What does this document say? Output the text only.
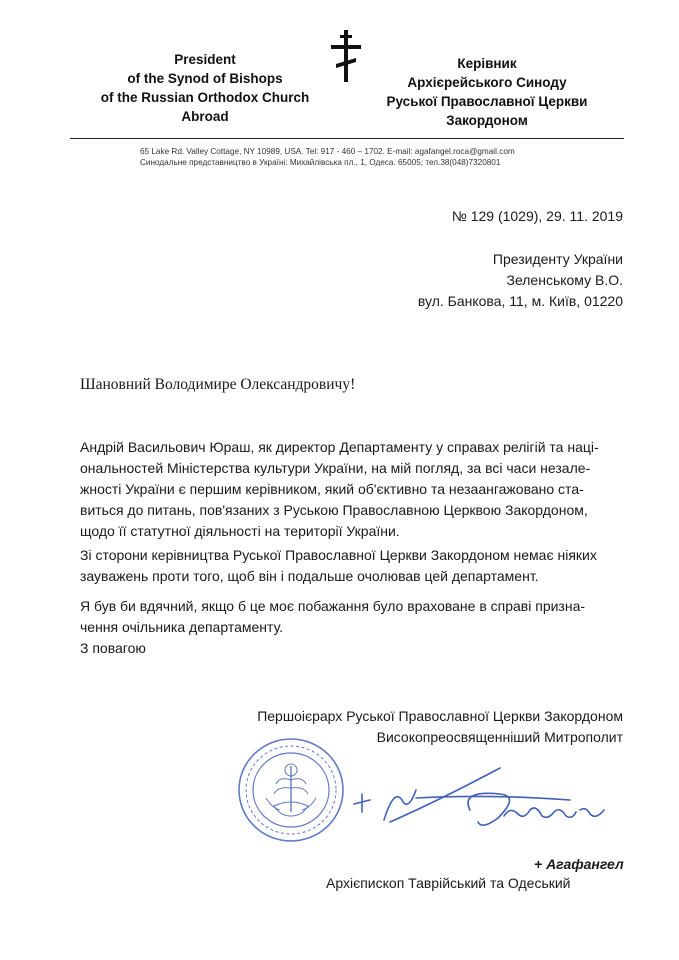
President
of the Synod of Bishops
of the Russian Orthodox Church
Abroad
Керівник
Архієрейського Синоду
Руської Православної Церкви
Закордоном
65 Lake Rd. Valley Cottage, NY 10989, USA. Tel: 917 - 460 – 1702. E-mail: agafangel.roca@gmail.com
Синодальне представництво в Україні: Михайлівська пл., 1, Одеса. 65005; тел.38(048)7320801
№ 129 (1029), 29. 11. 2019
Президенту України
Зеленському В.О.
вул. Банкова, 11, м. Київ, 01220
Шановний Володимире Олександровичу!
Андрій Васильович Юраш, як директор Департаменту у справах релігій та наці-
ональностей Міністерства культури України, на мій погляд, за всі часи незале-
жності України є першим керівником, який об'єктивно та незаангажовано ста-
виться до питань, пов'язаних з Руською Православною Церквою Закордоном,
щодо її статутної діяльності на території України.
Зі сторони керівництва Руської Православної Церкви Закордоном немає ніяких
зауважень проти того, щоб він і подальше очолював цей департамент.
Я був би вдячний, якщо б це моє побажання було враховане в справі призна-
чення очільника департаменту.
З повагою
Першоієрарх Руської Православної Церкви Закордоном
Високопреосвященніший Митрополит
+ Агафангел
Архієпископ Таврійський та Одеський
